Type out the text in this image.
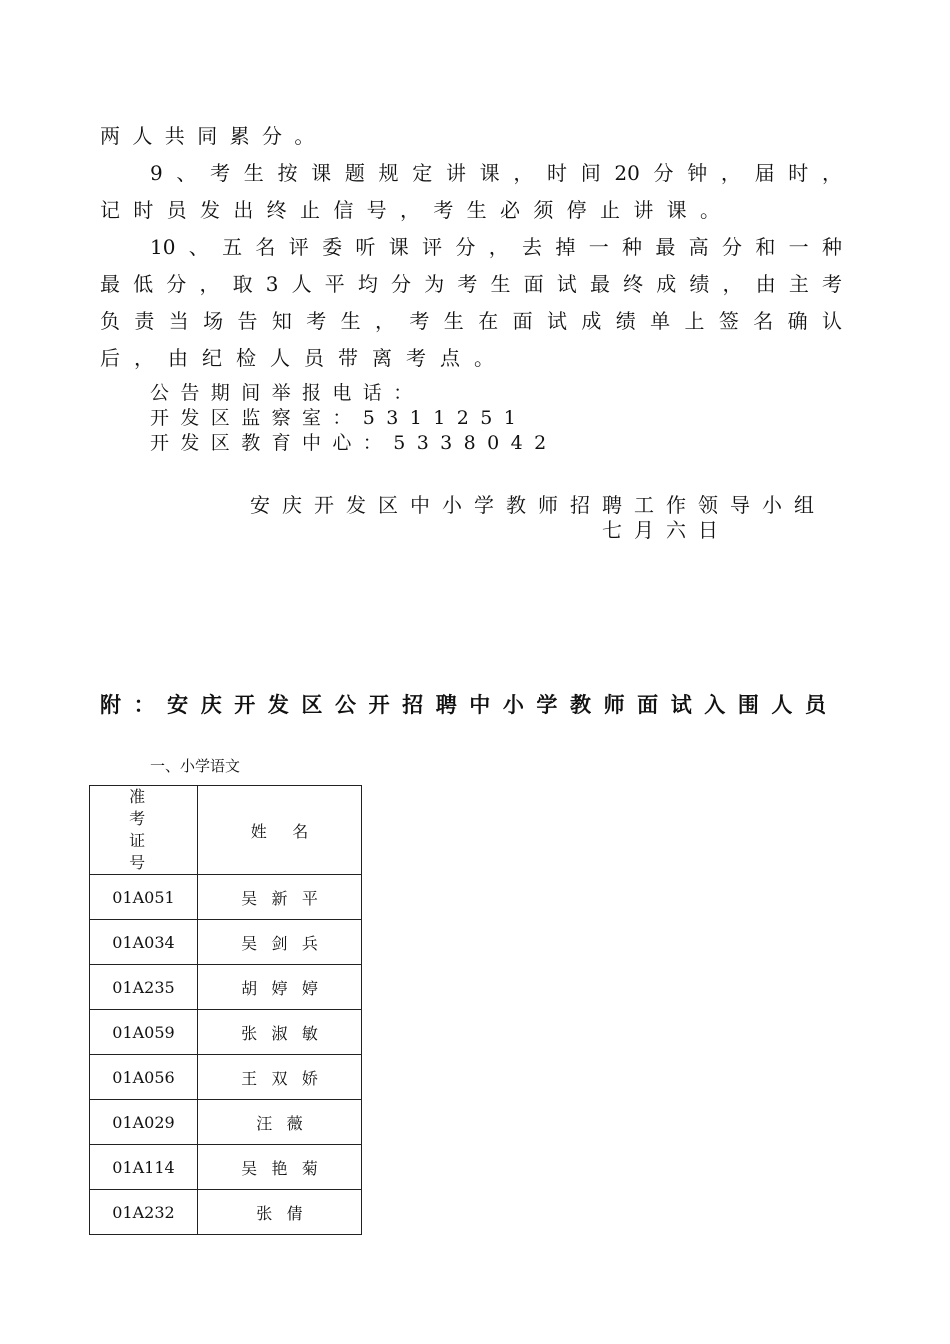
两人共同累分。
9、考生按课题规定讲课，时间20分钟，届时，
记时员发出终止信号，考生必须停止讲课。
10、五名评委听课评分，去掉一种最高分和一种
最低分，取3人平均分为考生面试最终成绩，由主考
负责当场告知考生，考生在面试成绩单上签名确认
后，由纪检人员带离考点。
公告期间举报电话：
开发区监察室：5311251
开发区教育中心：5338042
安庆开发区中小学教师招聘工作领导小组
七月六日
附：安庆开发区公开招聘中小学教师面试入围人员
一、小学语文
准 考 证 号	姓名
01A051	吴新平
01A034	吴剑兵
01A235	胡婷婷
01A059	张淑敏
01A056	王双娇
01A029	汪薇
01A114	吴艳菊
01A232	张倩
